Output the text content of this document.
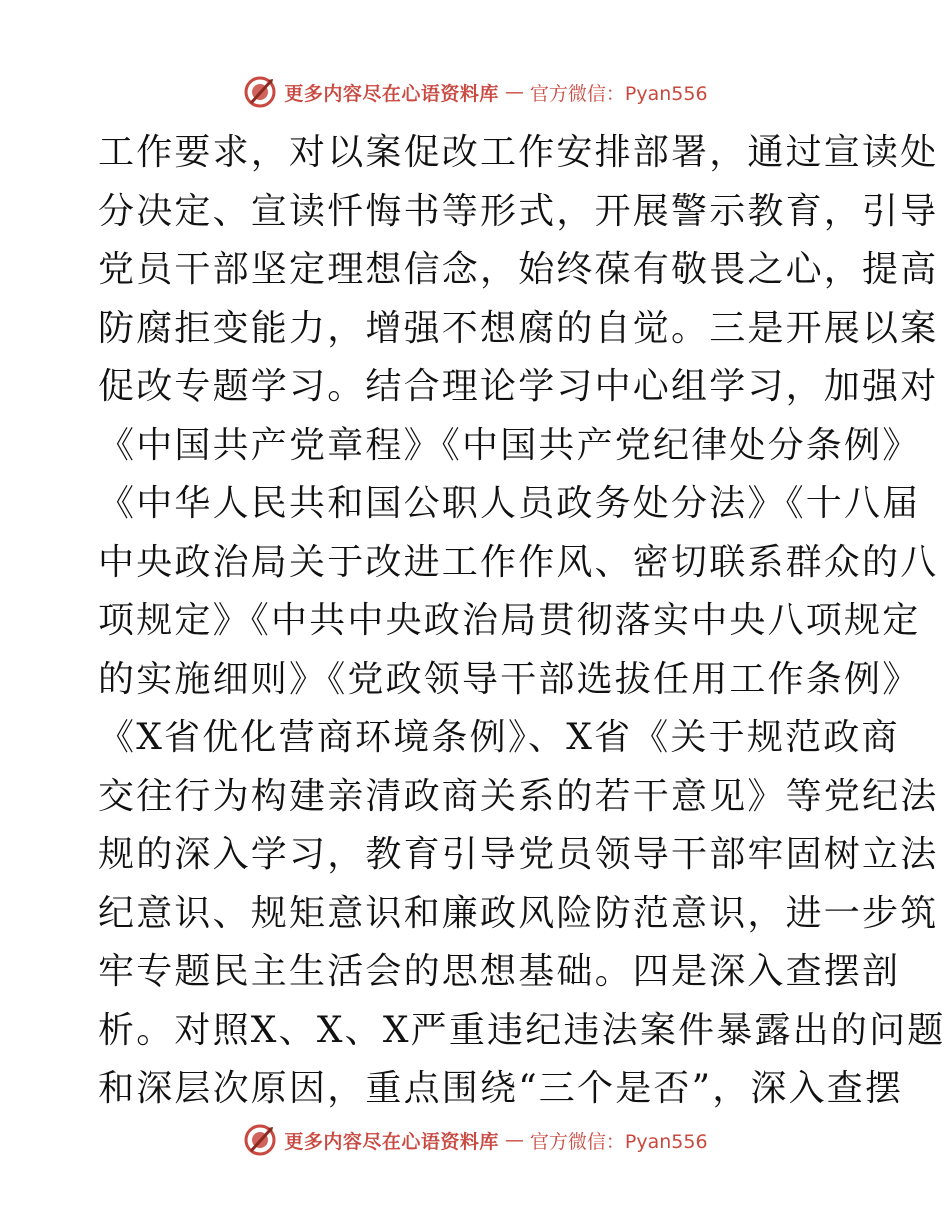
更多内容尽在心语资料库 — 官方微信：Pyan556
工作要求，对以案促改工作安排部署，通过宣读处
分决定、宣读忏悔书等形式，开展警示教育，引导
党员干部坚定理想信念，始终葆有敬畏之心，提高
防腐拒变能力，增强不想腐的自觉。三是开展以案
促改专题学习。结合理论学习中心组学习，加强对
《中国共产党章程》《中国共产党纪律处分条例》
《中华人民共和国公职人员政务处分法》《十八届
中央政治局关于改进工作作风、密切联系群众的八
项规定》《中共中央政治局贯彻落实中央八项规定
的实施细则》《党政领导干部选拔任用工作条例》
《X省优化营商环境条例》、X省《关于规范政商
交往行为构建亲清政商关系的若干意见》等党纪法
规的深入学习，教育引导党员领导干部牢固树立法
纪意识、规矩意识和廉政风险防范意识，进一步筑
牢专题民主生活会的思想基础。四是深入查摆剖
析。对照X、X、X严重违纪违法案件暴露出的问题
和深层次原因，重点围绕“三个是否”，深入查摆
更多内容尽在心语资料库 — 官方微信：Pyan556
